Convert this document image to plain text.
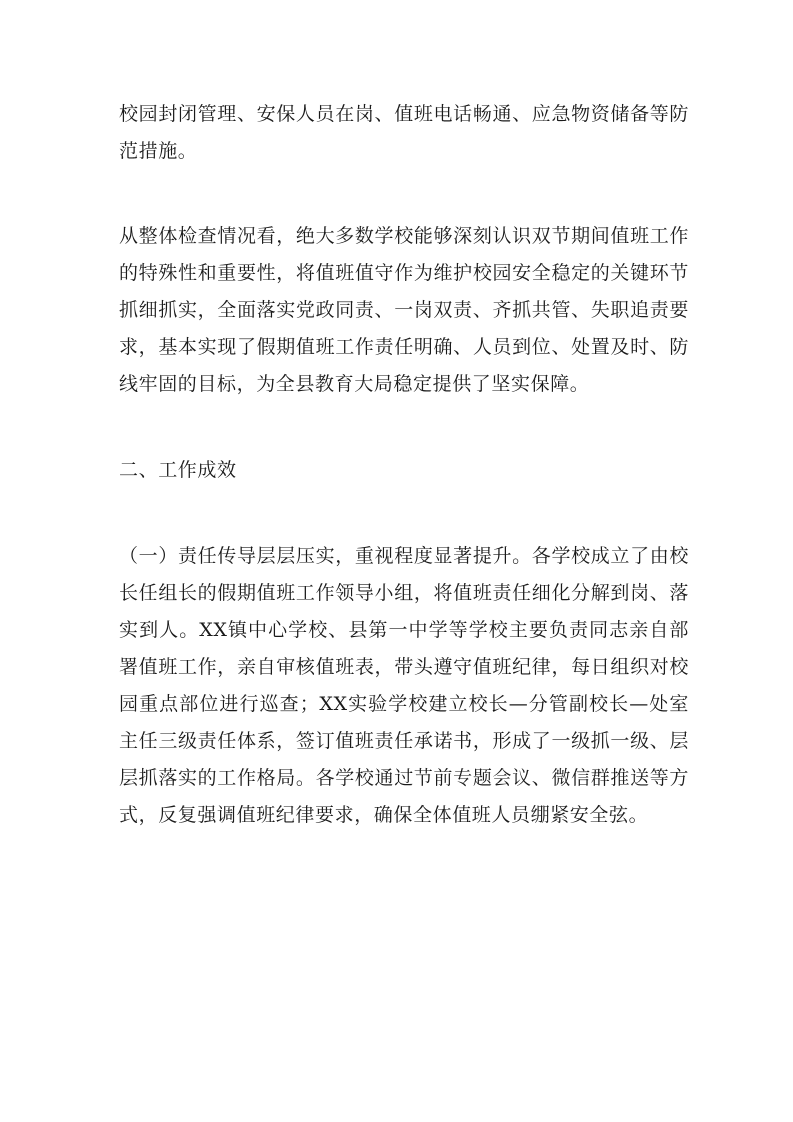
校园封闭管理、安保人员在岗、值班电话畅通、应急物资储备等防范措施。

从整体检查情况看，绝大多数学校能够深刻认识双节期间值班工作的特殊性和重要性，将值班值守作为维护校园安全稳定的关键环节抓细抓实，全面落实党政同责、一岗双责、齐抓共管、失职追责要求，基本实现了假期值班工作责任明确、人员到位、处置及时、防线牢固的目标，为全县教育大局稳定提供了坚实保障。

二、工作成效

（一）责任传导层层压实，重视程度显著提升。各学校成立了由校长任组长的假期值班工作领导小组，将值班责任细化分解到岗、落实到人。XX镇中心学校、县第一中学等学校主要负责同志亲自部署值班工作，亲自审核值班表，带头遵守值班纪律，每日组织对校园重点部位进行巡查；XX实验学校建立校长—分管副校长—处室主任三级责任体系，签订值班责任承诺书，形成了一级抓一级、层层抓落实的工作格局。各学校通过节前专题会议、微信群推送等方式，反复强调值班纪律要求，确保全体值班人员绷紧安全弦。
